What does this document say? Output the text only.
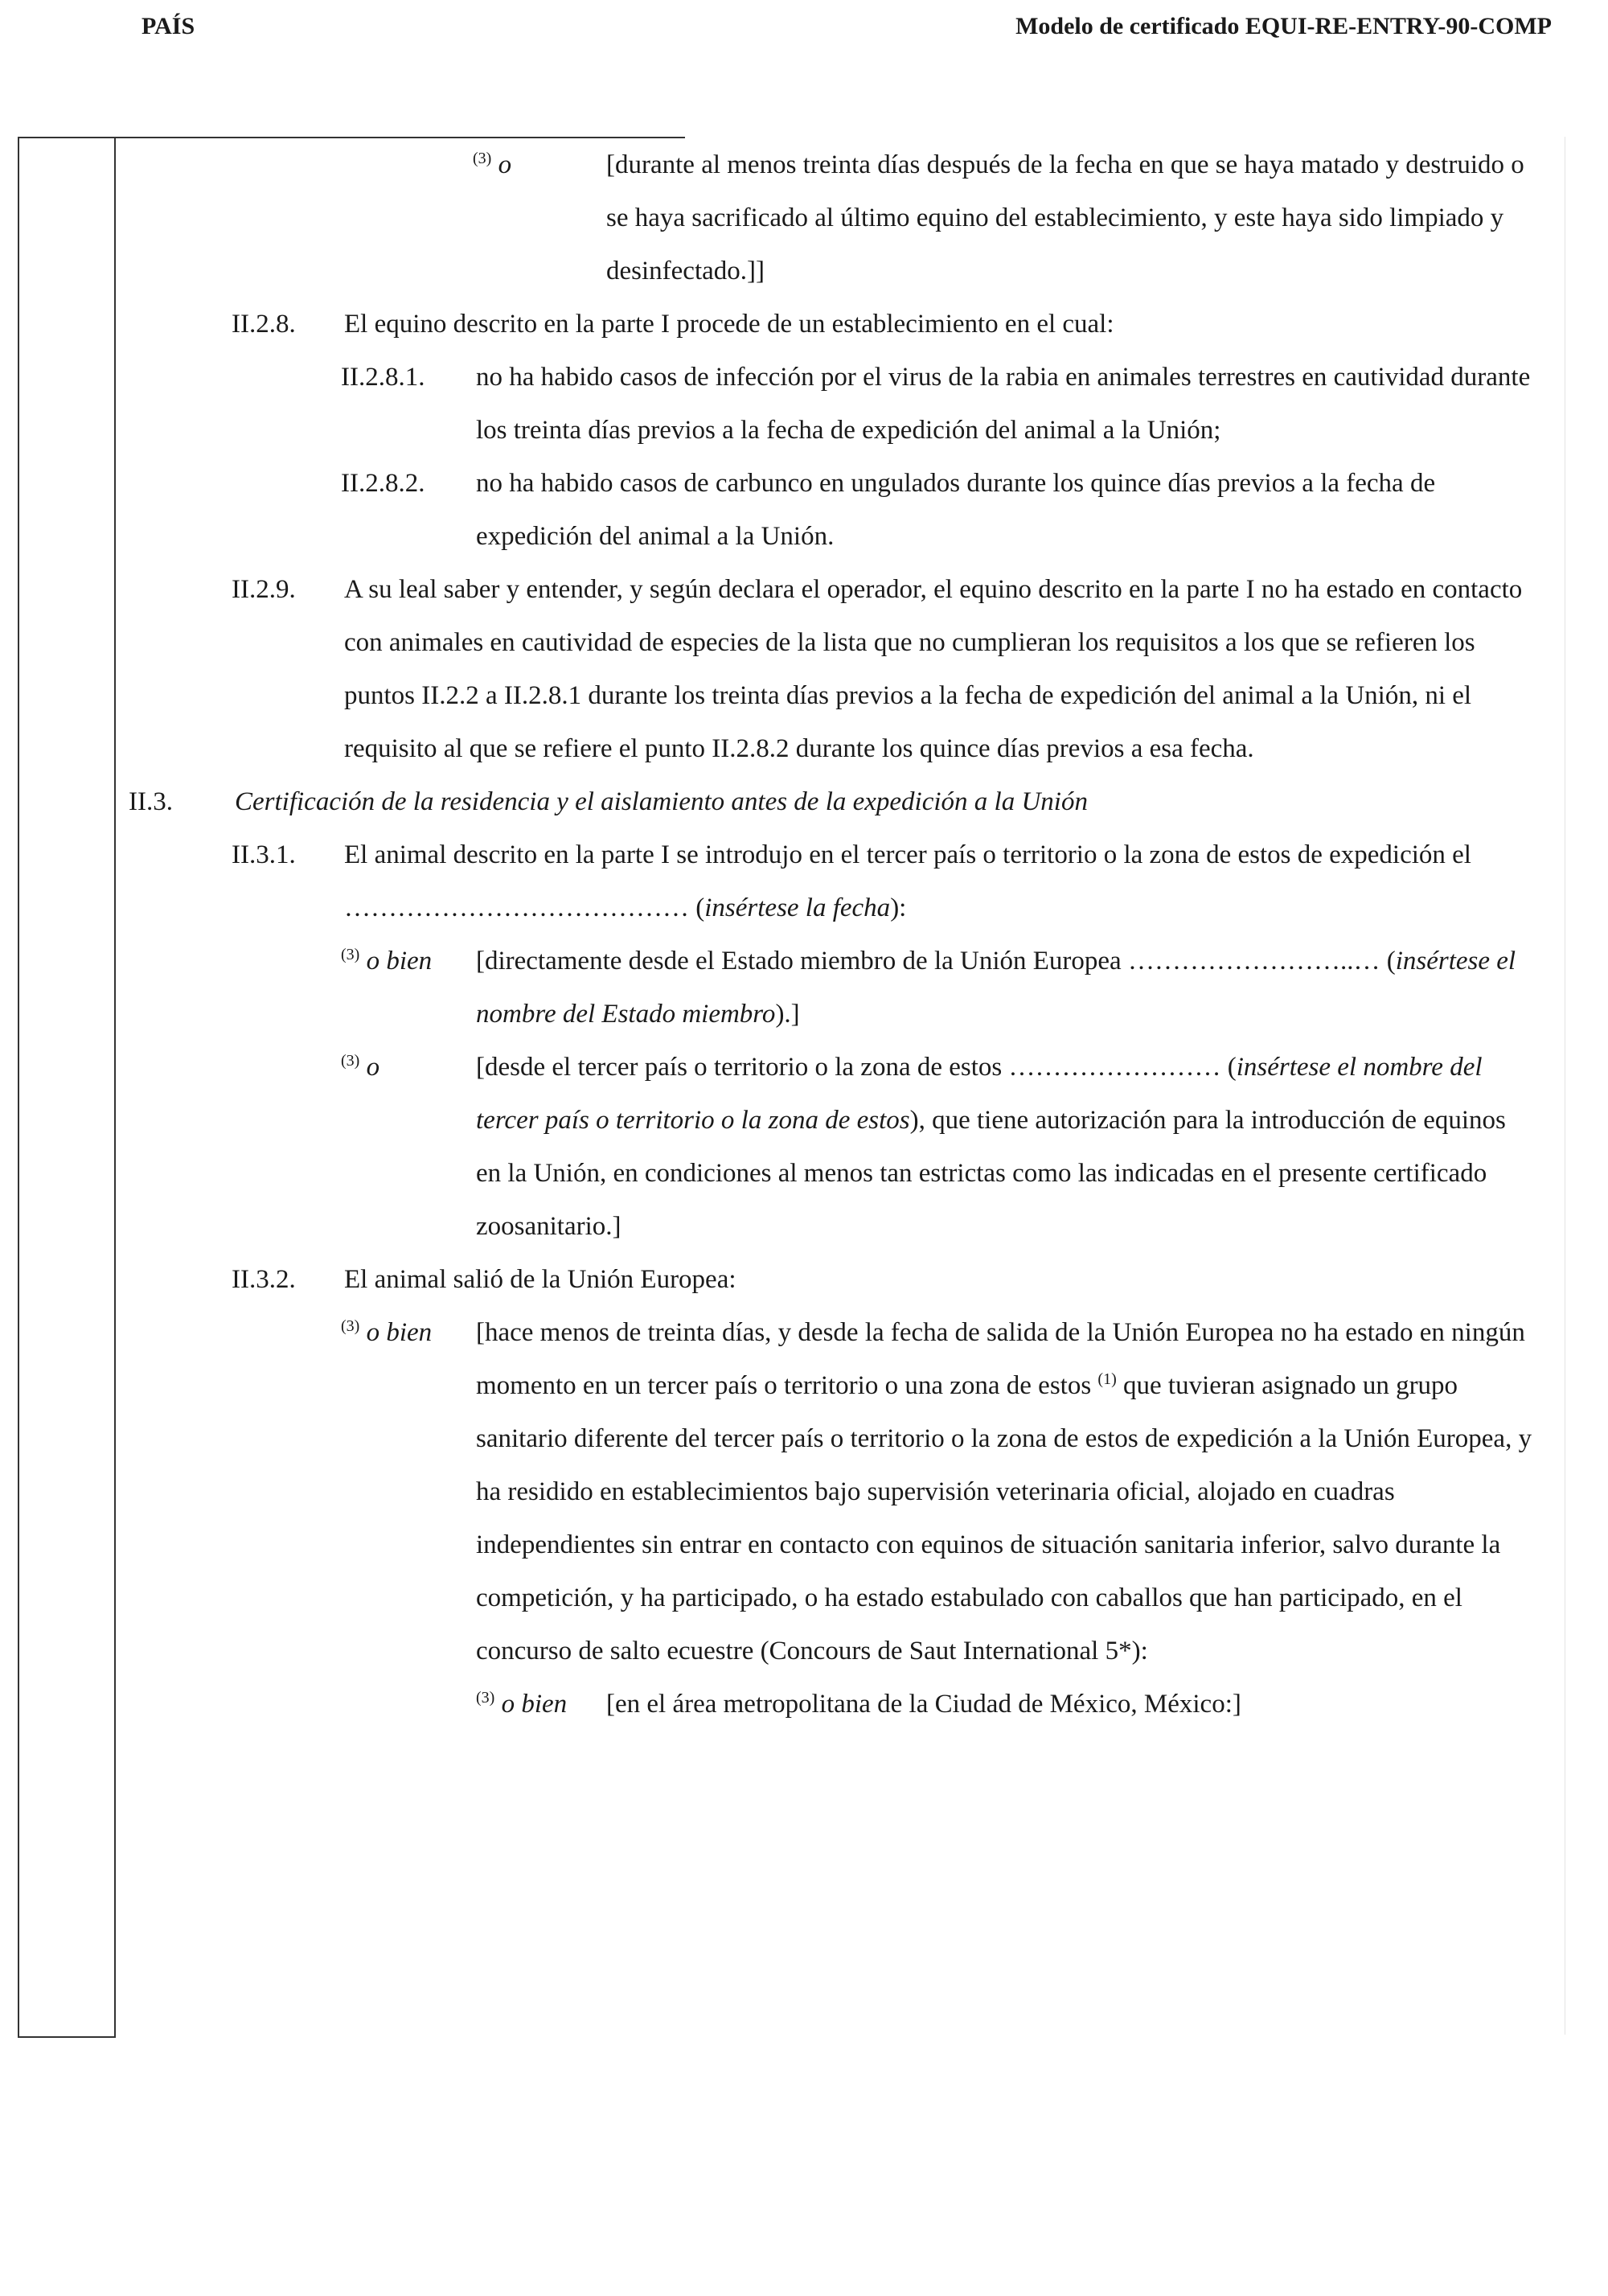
PAÍS	Modelo de certificado EQUI-RE-ENTRY-90-COMP
$^{(3)}$ o	[durante al menos treinta días después de la fecha en que se haya matado y destruido o se haya sacrificado al último equino del establecimiento, y este haya sido limpiado y desinfectado.]]
II.2.8. El equino descrito en la parte I procede de un establecimiento en el cual:
II.2.8.1. no ha habido casos de infección por el virus de la rabia en animales terrestres en cautividad durante los treinta días previos a la fecha de expedición del animal a la Unión;
II.2.8.2. no ha habido casos de carbunco en ungulados durante los quince días previos a la fecha de expedición del animal a la Unión.
II.2.9. A su leal saber y entender, y según declara el operador, el equino descrito en la parte I no ha estado en contacto con animales en cautividad de especies de la lista que no cumplieran los requisitos a los que se refieren los puntos II.2.2 a II.2.8.1 durante los treinta días previos a la fecha de expedición del animal a la Unión, ni el requisito al que se refiere el punto II.2.8.2 durante los quince días previos a esa fecha.
II.3. Certificación de la residencia y el aislamiento antes de la expedición a la Unión
II.3.1. El animal descrito en la parte I se introdujo en el tercer país o territorio o la zona de estos de expedición el ………………………………… (insértese la fecha):
$^{(3)}$ o bien [directamente desde el Estado miembro de la Unión Europea ……………………..… (insértese el nombre del Estado miembro).]
$^{(3)}$ o	[desde el tercer país o territorio o la zona de estos …………………… (insértese el nombre del tercer país o territorio o la zona de estos), que tiene autorización para la introducción de equinos en la Unión, en condiciones al menos tan estrictas como las indicadas en el presente certificado zoosanitario.]
II.3.2. El animal salió de la Unión Europea:
$^{(3)}$ o bien [hace menos de treinta días, y desde la fecha de salida de la Unión Europea no ha estado en ningún momento en un tercer país o territorio o una zona de estos $^{(1)}$ que tuvieran asignado un grupo sanitario diferente del tercer país o territorio o la zona de estos de expedición a la Unión Europea, y ha residido en establecimientos bajo supervisión veterinaria oficial, alojado en cuadras independientes sin entrar en contacto con equinos de situación sanitaria inferior, salvo durante la competición, y ha participado, o ha estado estabulado con caballos que han participado, en el concurso de salto ecuestre (Concours de Saut International 5*):
$^{(3)}$ o bien [en el área metropolitana de la Ciudad de México, México:]
